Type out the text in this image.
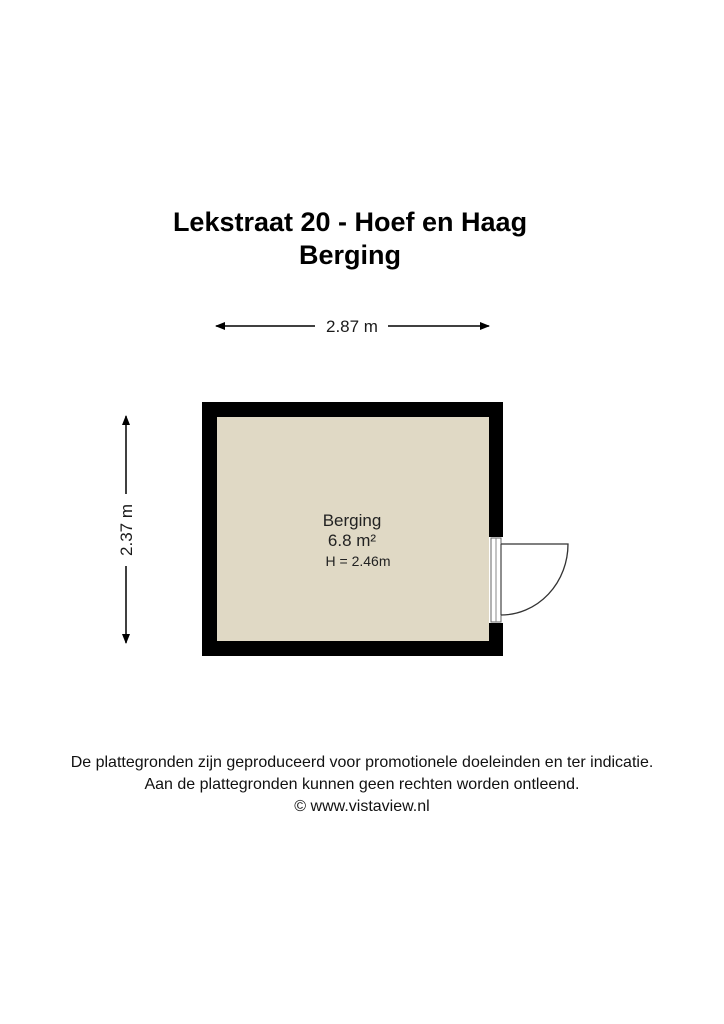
Lekstraat 20 - Hoef en Haag
Berging
2.87 m
2.37 m	Berging
6.8 m²
H = 2.46m
De plattegronden zijn geproduceerd voor promotionele doeleinden en ter indicatie.
Aan de plattegronden kunnen geen rechten worden ontleend.
© www.vistaview.nl
